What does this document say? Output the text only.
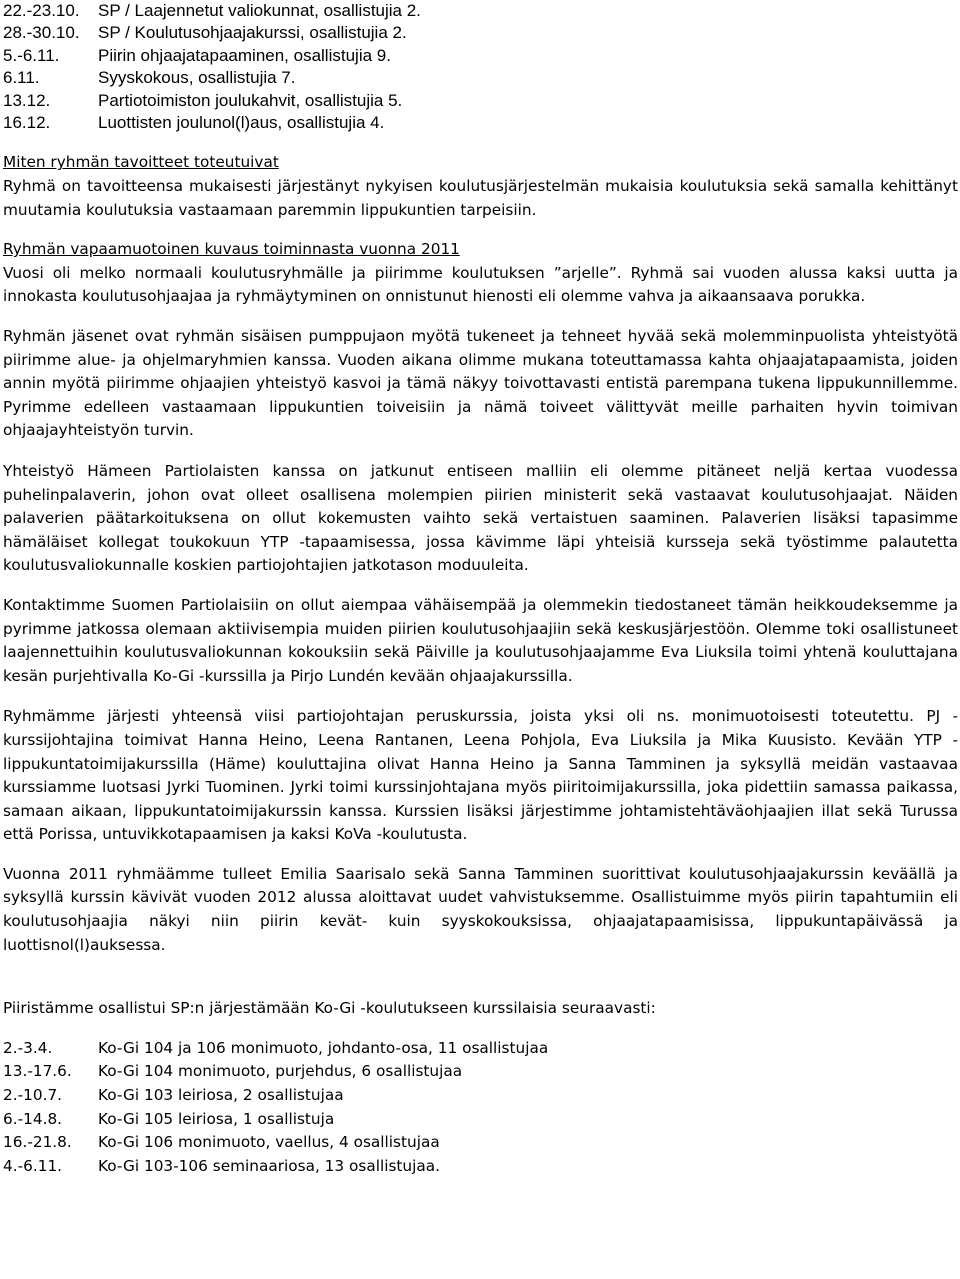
22.-23.10.	SP / Laajennetut valiokunnat, osallistujia 2.
28.-30.10.	SP / Koulutusohjaajakurssi, osallistujia 2.
5.-6.11.	Piirin ohjaajatapaaminen, osallistujia 9.
6.11.	Syyskokous, osallistujia 7.
13.12.	Partiotoimiston joulukahvit, osallistujia 5.
16.12.	Luottisten joulunol(l)aus, osallistujia 4.
Miten ryhmän tavoitteet toteutuivat
Ryhmä on tavoitteensa mukaisesti järjestänyt nykyisen koulutusjärjestelmän mukaisia koulutuksia sekä samalla kehittänyt muutamia koulutuksia vastaamaan paremmin lippukuntien tarpeisiin.
Ryhmän vapaamuotoinen kuvaus toiminnasta vuonna 2011
Vuosi oli melko normaali koulutusryhmälle ja piirimme koulutuksen ”arjelle”. Ryhmä sai vuoden alussa kaksi uutta ja innokasta koulutusohjaajaa ja ryhmäytyminen on onnistunut hienosti eli olemme vahva ja aikaansaava porukka.

Ryhmän jäsenet ovat ryhmän sisäisen pumppujaon myötä tukeneet ja tehneet hyvää sekä molemminpuolista yhteistyötä piirimme alue- ja ohjelmaryhmien kanssa. Vuoden aikana olimme mukana toteuttamassa kahta ohjaajatapaamista, joiden annin myötä piirimme ohjaajien yhteistyö kasvoi ja tämä näkyy toivottavasti entistä parempana tukena lippukunnillemme. Pyrimme edelleen vastaamaan lippukuntien toiveisiin ja nämä toiveet välittyvät meille parhaiten hyvin toimivan ohjaajayhteistyön turvin.

Yhteistyö Hämeen Partiolaisten kanssa on jatkunut entiseen malliin eli olemme pitäneet neljä kertaa vuodessa puhelinpalaverin, johon ovat olleet osallisena molempien piirien ministerit sekä vastaavat koulutusohjaajat. Näiden palaverien päätarkoituksena on ollut kokemusten vaihto sekä vertaistuen saaminen. Palaverien lisäksi tapasimme hämäläiset kollegat toukokuun YTP -tapaamisessa, jossa kävimme läpi yhteisiä kursseja sekä työstimme palautetta koulutusvaliokunnalle koskien partiojohtajien jatkotason moduuleita.

Kontaktimme Suomen Partiolaisiin on ollut aiempaa vähäisempää ja olemmekin tiedostaneet tämän heikkoudeksemme ja pyrimme jatkossa olemaan aktiivisempia muiden piirien koulutusohjaajiin sekä keskusjärjestöön. Olemme toki osallistuneet laajennettuihin koulutusvaliokunnan kokouksiin sekä Päiville ja koulutusohjaajamme Eva Liuksila toimi yhtenä kouluttajana kesän purjehtivalla Ko-Gi -kurssilla ja Pirjo Lundén kevään ohjaajakurssilla.

Ryhmämme järjesti yhteensä viisi partiojohtajan peruskurssia, joista yksi oli ns. monimuotoisesti toteutettu. PJ -kurssijohtajina toimivat Hanna Heino, Leena Rantanen, Leena Pohjola, Eva Liuksila ja Mika Kuusisto. Kevään YTP -lippukuntatoimijakurssilla (Häme) kouluttajina olivat Hanna Heino ja Sanna Tamminen ja syksyllä meidän vastaavaa kurssiamme luotsasi Jyrki Tuominen. Jyrki toimi kurssinjohtajana myös piiritoimijakurssilla, joka pidettiin samassa paikassa, samaan aikaan, lippukuntatoimijakurssin kanssa. Kurssien lisäksi järjestimme johtamistehtäväohjaajien illat sekä Turussa että Porissa, untuvikkotapaamisen ja kaksi KoVa -koulutusta.

Vuonna 2011 ryhmäämme tulleet Emilia Saarisalo sekä Sanna Tamminen suorittivat koulutusohjaajakurssin keväällä ja syksyllä kurssin kävivät vuoden 2012 alussa aloittavat uudet vahvistuksemme. Osallistuimme myös piirin tapahtumiin eli koulutusohjaajia näkyi niin piirin kevät- kuin syyskokouksissa, ohjaajatapaamisissa, lippukuntapäivässä ja luottisnol(l)auksessa.

Piiristämme osallistui SP:n järjestämään Ko-Gi -koulutukseen kurssilaisia seuraavasti:

2.-3.4.	Ko-Gi 104 ja 106 monimuoto, johdanto-osa, 11 osallistujaa
13.-17.6.	Ko-Gi 104 monimuoto, purjehdus, 6 osallistujaa
2.-10.7.	Ko-Gi 103 leiriosa, 2 osallistujaa
6.-14.8.	Ko-Gi 105 leiriosa, 1 osallistuja
16.-21.8.	Ko-Gi 106 monimuoto, vaellus, 4 osallistujaa
4.-6.11.	Ko-Gi 103-106 seminaariosa, 13 osallistujaa.
